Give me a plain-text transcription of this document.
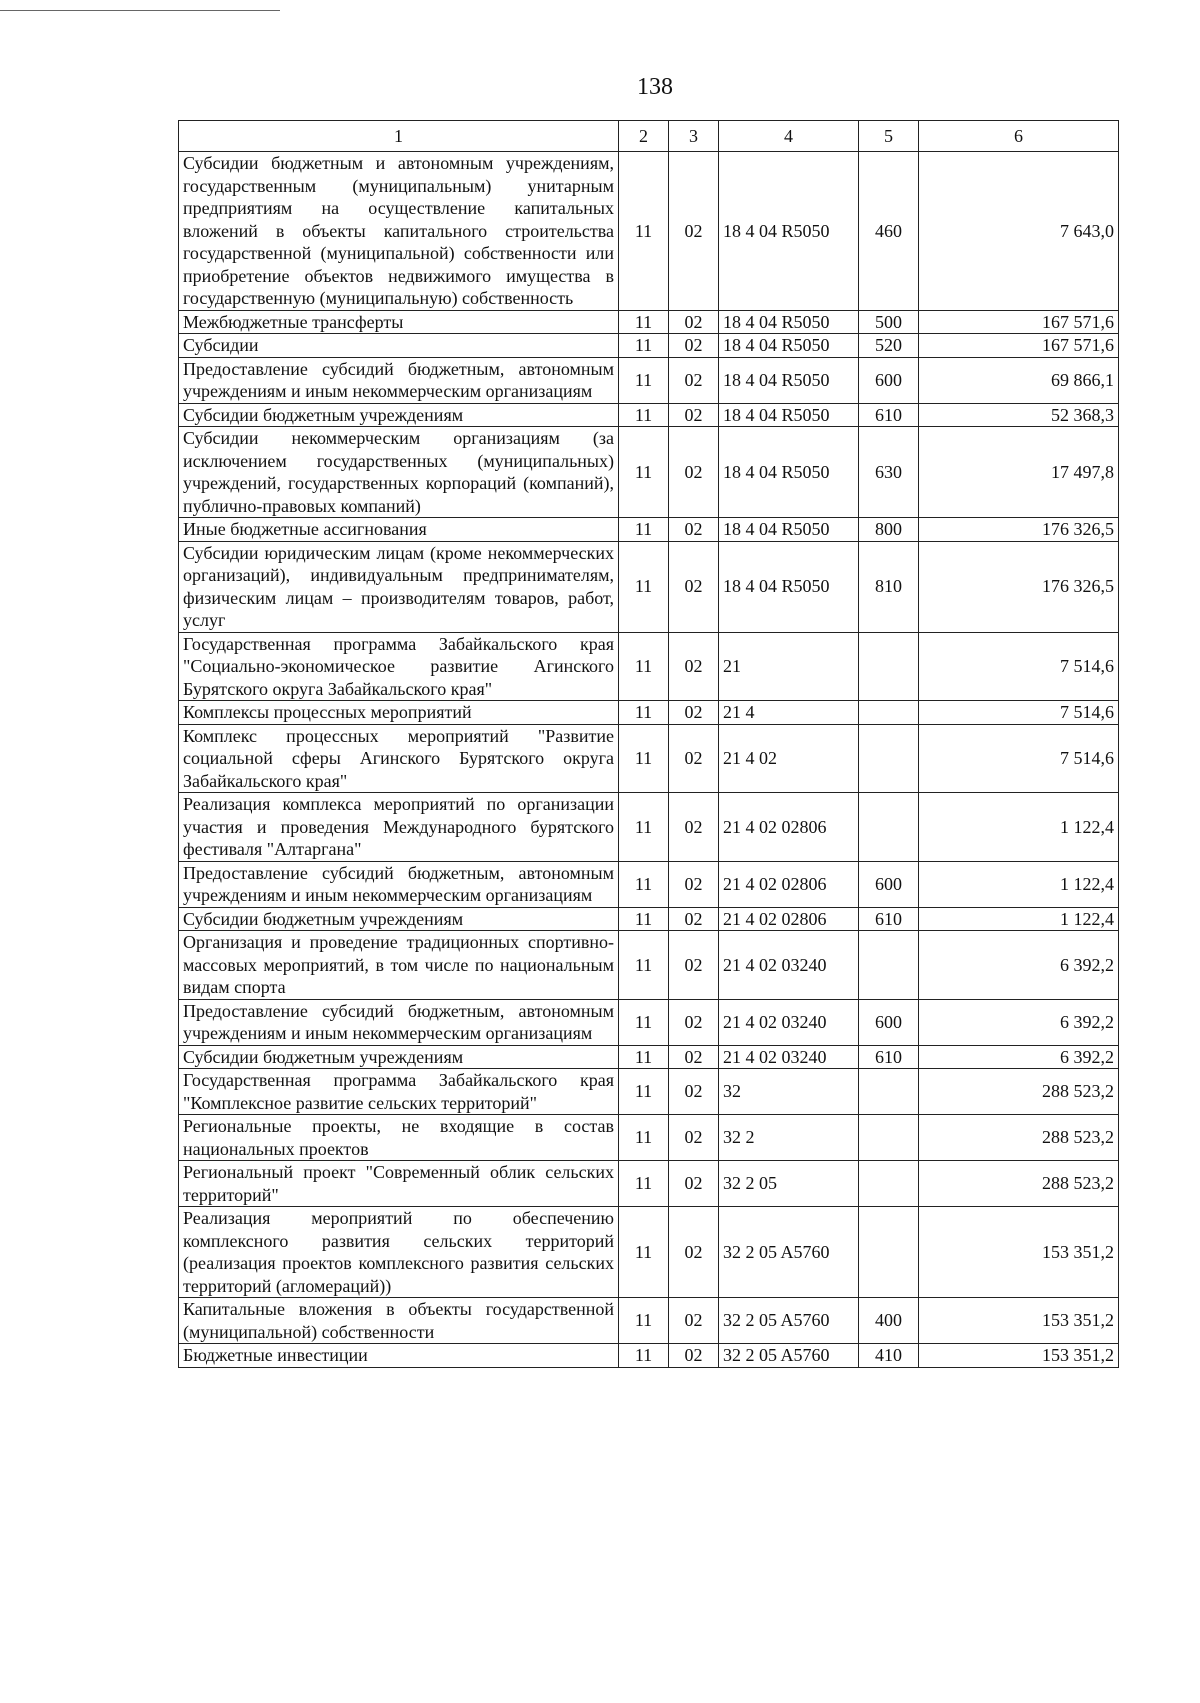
138
1	2	3	4	5	6
Субсидии бюджетным и автономным учреждениям, государственным (муниципальным) унитарным предприятиям на осуществление капитальных вложений в объекты капитального строительства государственной (муниципальной) собственности или приобретение объектов недвижимого имущества в государственную (муниципальную) собственность	11	02	18 4 04 R5050	460	7 643,0
Межбюджетные трансферты	11	02	18 4 04 R5050	500	167 571,6
Субсидии	11	02	18 4 04 R5050	520	167 571,6
Предоставление субсидий бюджетным, автономным учреждениям и иным некоммерческим организациям	11	02	18 4 04 R5050	600	69 866,1
Субсидии бюджетным учреждениям	11	02	18 4 04 R5050	610	52 368,3
Субсидии некоммерческим организациям (за исключением государственных (муниципальных) учреждений, государственных корпораций (компаний), публично-правовых компаний)	11	02	18 4 04 R5050	630	17 497,8
Иные бюджетные ассигнования	11	02	18 4 04 R5050	800	176 326,5
Субсидии юридическим лицам (кроме некоммерческих организаций), индивидуальным предпринимателям, физическим лицам – производителям товаров, работ, услуг	11	02	18 4 04 R5050	810	176 326,5
Государственная программа Забайкальского края "Социально-экономическое развитие Агинского Бурятского округа Забайкальского края"	11	02	21		7 514,6
Комплексы процессных мероприятий	11	02	21 4		7 514,6
Комплекс процессных мероприятий "Развитие социальной сферы Агинского Бурятского округа Забайкальского края"	11	02	21 4 02		7 514,6
Реализация комплекса мероприятий по организации участия и проведения Международного бурятского фестиваля "Алтаргана"	11	02	21 4 02 02806		1 122,4
Предоставление субсидий бюджетным, автономным учреждениям и иным некоммерческим организациям	11	02	21 4 02 02806	600	1 122,4
Субсидии бюджетным учреждениям	11	02	21 4 02 02806	610	1 122,4
Организация и проведение традиционных спортивно-массовых мероприятий, в том числе по национальным видам спорта	11	02	21 4 02 03240		6 392,2
Предоставление субсидий бюджетным, автономным учреждениям и иным некоммерческим организациям	11	02	21 4 02 03240	600	6 392,2
Субсидии бюджетным учреждениям	11	02	21 4 02 03240	610	6 392,2
Государственная программа Забайкальского края "Комплексное развитие сельских территорий"	11	02	32		288 523,2
Региональные проекты, не входящие в состав национальных проектов	11	02	32 2		288 523,2
Региональный проект "Современный облик сельских территорий"	11	02	32 2 05		288 523,2
Реализация мероприятий по обеспечению комплексного развития сельских территорий (реализация проектов комплексного развития сельских территорий (агломераций))	11	02	32 2 05 A5760		153 351,2
Капитальные вложения в объекты государственной (муниципальной) собственности	11	02	32 2 05 A5760	400	153 351,2
Бюджетные инвестиции	11	02	32 2 05 A5760	410	153 351,2
